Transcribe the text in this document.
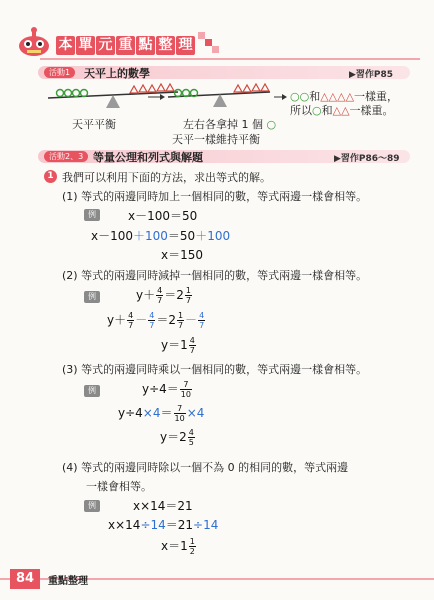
本 單 元 重 點 整 理
活動1	天平上的數學	▶習作P85
○○和△△△△一樣重，
所以○和△△一樣重。
天平平衡	左右各拿掉 1 個 ○
天平一樣維持平衡
活動2、3 等量公理和列式與解題	▶習作P86～89
1 我們可以利用下面的方法，求出等式的解。
(1) 等式的兩邊同時加上一個相同的數，等式兩邊一樣會相等。
例	x－100＝50
x－100＋100＝50＋100
x＝150
(2) 等式的兩邊同時減掉一個相同的數，等式兩邊一樣會相等。
例	$y+ \frac{4}{7} =2 \frac{1}{7}$
$y+ \frac{4}{7} - \frac{4}{7} =2 \frac{1}{7} - \frac{4}{7}$
$y=1 \frac{4}{7}$
(3) 等式的兩邊同時乘以一個相同的數，等式兩邊一樣會相等。
例	$y\div 4= \frac{7}{10}$
$y\div 4\times 4= \frac{7}{10} \times 4$
$y=2 \frac{4}{5}$
(4) 等式的兩邊同時除以一個不為 0 的相同的數，等式兩邊
一樣會相等。
例	x×14＝21
x×14÷14＝21÷14
$x=1 \frac{1}{2}$
84	重點整理
